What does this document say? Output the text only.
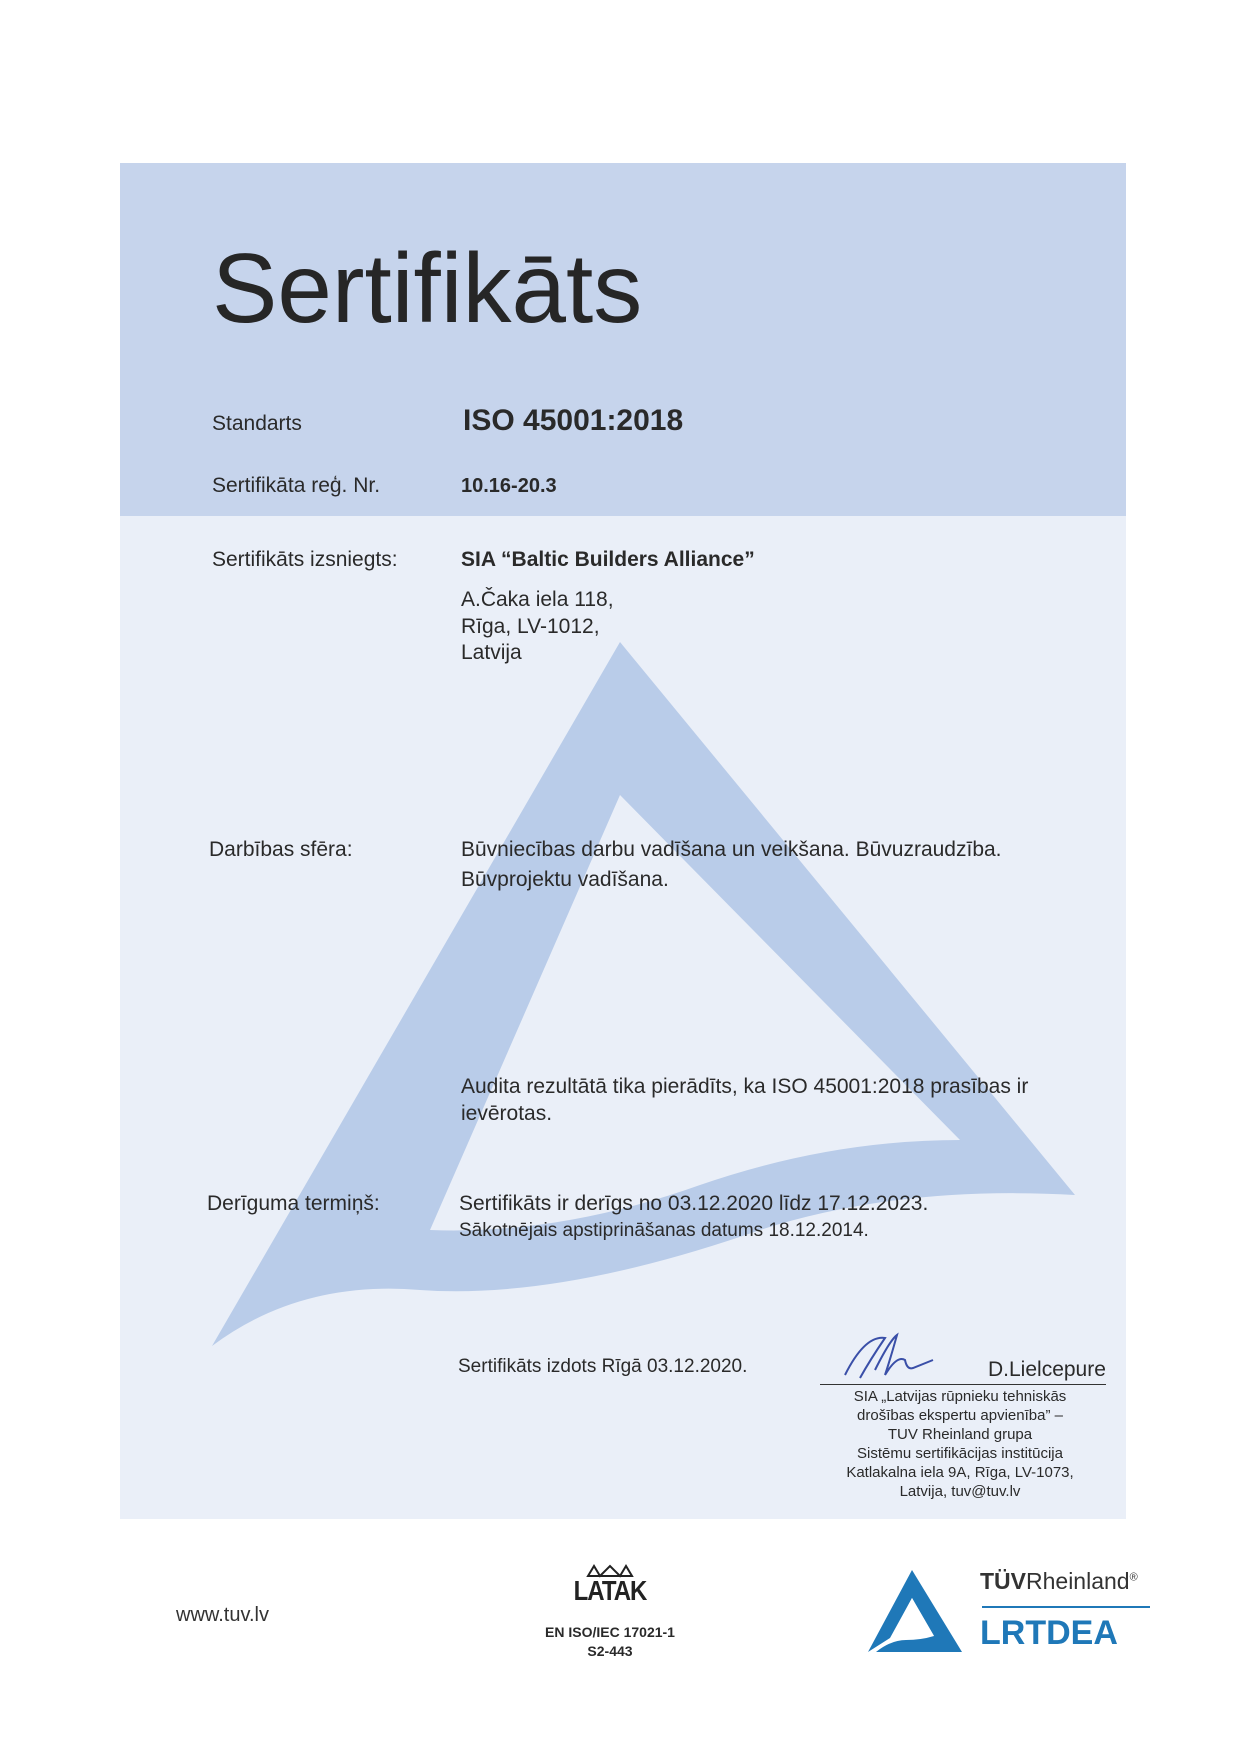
Sertifikāts
Standarts	ISO 45001:2018
Sertifikāta reģ. Nr.	10.16-20.3
Sertifikāts izsniegts:	SIA “Baltic Builders Alliance”
A.Čaka iela 118,
Rīga, LV-1012,
Latvija
Darbības sfēra:	Būvniecības darbu vadīšana un veikšana. Būvuzraudzība.
Būvprojektu vadīšana.
Audita rezultātā tika pierādīts, ka ISO 45001:2018 prasības ir
ievērotas.
Derīguma termiņš:	Sertifikāts ir derīgs no 03.12.2020 līdz 17.12.2023.
Sākotnējais apstiprināšanas datums 18.12.2014.
Sertifikāts izdots Rīgā 03.12.2020.	D.Lielcepure
SIA „Latvijas rūpnieku tehniskās
drošības ekspertu apvienība” –
TUV Rheinland grupa
Sistēmu sertifikācijas institūcija
Katlakalna iela 9A, Rīga, LV-1073,
Latvija, tuv@tuv.lv
www.tuv.lv
LATAK
EN ISO/IEC 17021-1
S2-443
TÜVRheinland®
LRTDEA
